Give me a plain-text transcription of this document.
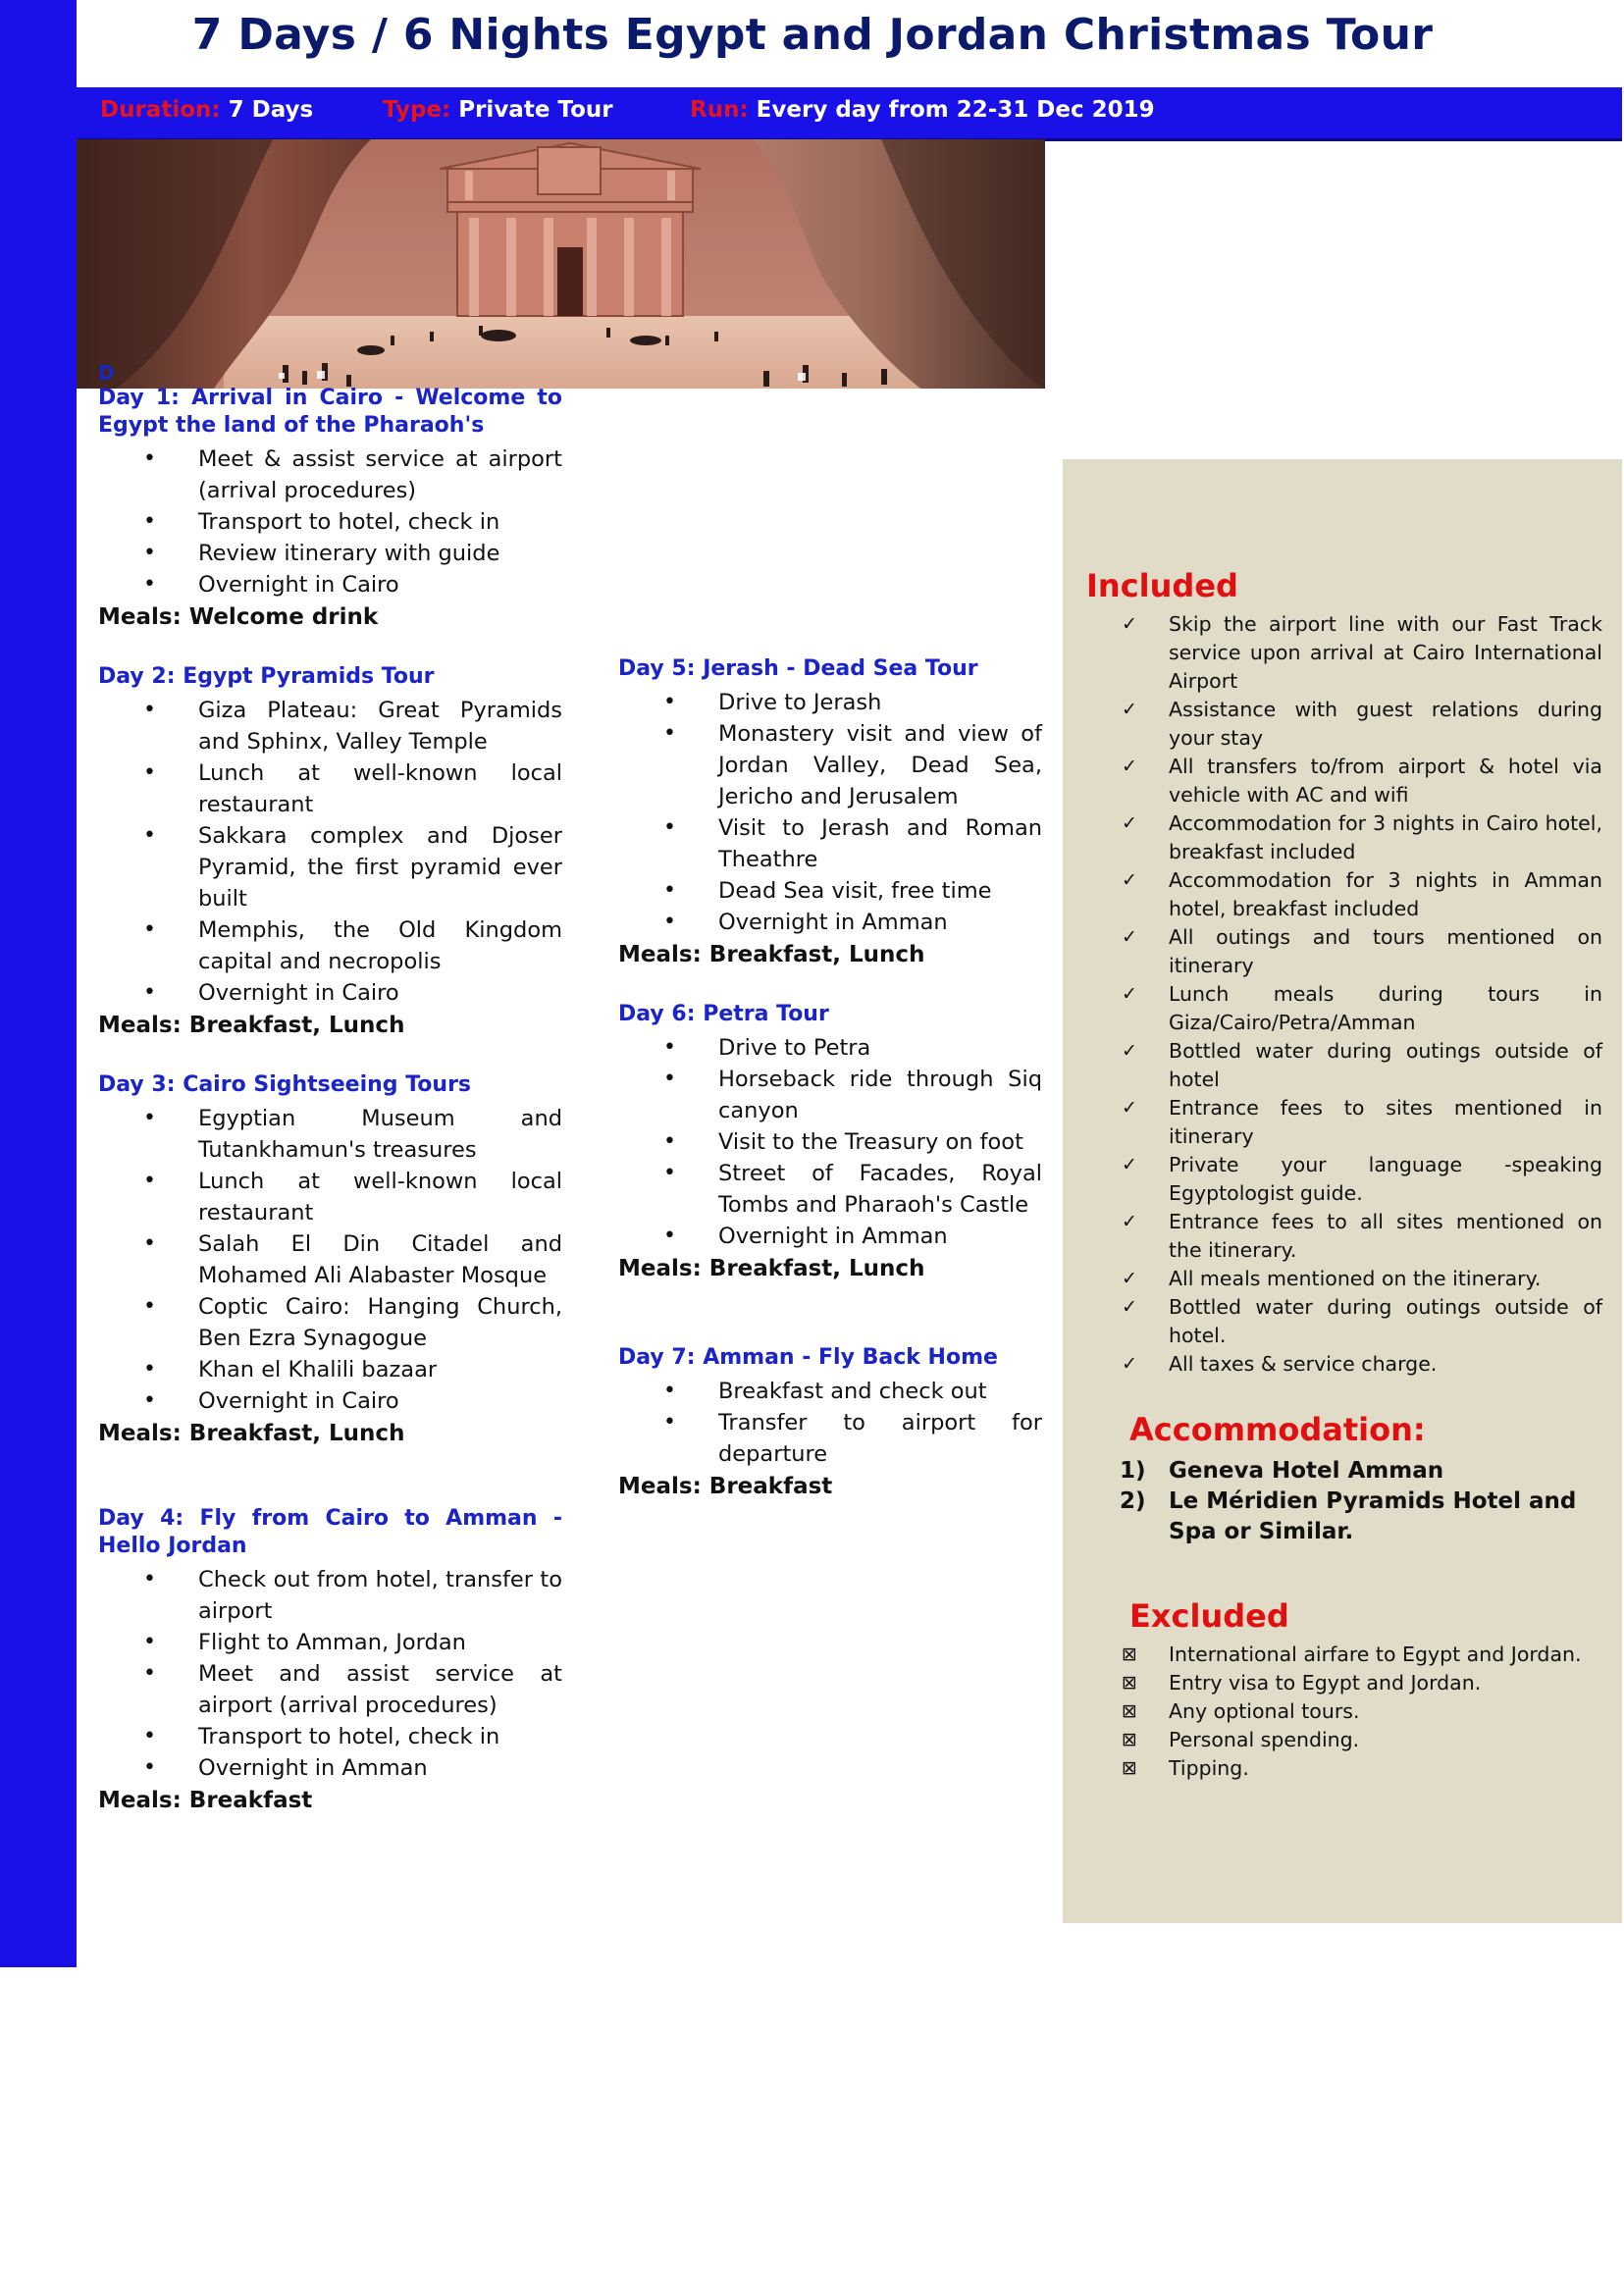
7 Days / 6 Nights Egypt and Jordan Christmas Tour
Duration: 7 Days	Type: Private Tour	Run: Every day from 22-31 Dec 2019
D
Day 1: Arrival in Cairo - Welcome to Egypt the land of the Pharaoh's
• Meet & assist service at airport (arrival procedures)
• Transport to hotel, check in
• Review itinerary with guide
• Overnight in Cairo
Meals: Welcome drink
Day 2: Egypt Pyramids Tour
• Giza Plateau: Great Pyramids and Sphinx, Valley Temple
• Lunch at well-known local restaurant
• Sakkara complex and Djoser Pyramid, the first pyramid ever built
• Memphis, the Old Kingdom capital and necropolis
• Overnight in Cairo
Meals: Breakfast, Lunch
Day 3: Cairo Sightseeing Tours
• Egyptian Museum and Tutankhamun's treasures
• Lunch at well-known local restaurant
• Salah El Din Citadel and Mohamed Ali Alabaster Mosque
• Coptic Cairo: Hanging Church, Ben Ezra Synagogue
• Khan el Khalili bazaar
• Overnight in Cairo
Meals: Breakfast, Lunch
Day 4: Fly from Cairo to Amman - Hello Jordan
• Check out from hotel, transfer to airport
• Flight to Amman, Jordan
• Meet and assist service at airport (arrival procedures)
• Transport to hotel, check in
• Overnight in Amman
Meals: Breakfast
Day 5: Jerash - Dead Sea Tour
• Drive to Jerash
• Monastery visit and view of Jordan Valley, Dead Sea, Jericho and Jerusalem
• Visit to Jerash and Roman Theathre
• Dead Sea visit, free time
• Overnight in Amman
Meals: Breakfast, Lunch
Day 6: Petra Tour
• Drive to Petra
• Horseback ride through Siq canyon
• Visit to the Treasury on foot
• Street of Facades, Royal Tombs and Pharaoh's Castle
• Overnight in Amman
Meals: Breakfast, Lunch
Day 7: Amman - Fly Back Home
• Breakfast and check out
• Transfer to airport for departure
Meals: Breakfast
Included
✓ Skip the airport line with our Fast Track service upon arrival at Cairo International Airport
✓ Assistance with guest relations during your stay
✓ All transfers to/from airport & hotel via vehicle with AC and wifi
✓ Accommodation for 3 nights in Cairo hotel, breakfast included
✓ Accommodation for 3 nights in Amman hotel, breakfast included
✓ All outings and tours mentioned on itinerary
✓ Lunch meals during tours in Giza/Cairo/Petra/Amman
✓ Bottled water during outings outside of hotel
✓ Entrance fees to sites mentioned in itinerary
✓ Private your language -speaking Egyptologist guide.
✓ Entrance fees to all sites mentioned on the itinerary.
✓ All meals mentioned on the itinerary.
✓ Bottled water during outings outside of hotel.
✓ All taxes & service charge.
Accommodation:
1) Geneva Hotel Amman
2) Le Méridien Pyramids Hotel and Spa or Similar.
Excluded
⊠ International airfare to Egypt and Jordan.
⊠ Entry visa to Egypt and Jordan.
⊠ Any optional tours.
⊠ Personal spending.
⊠ Tipping.
